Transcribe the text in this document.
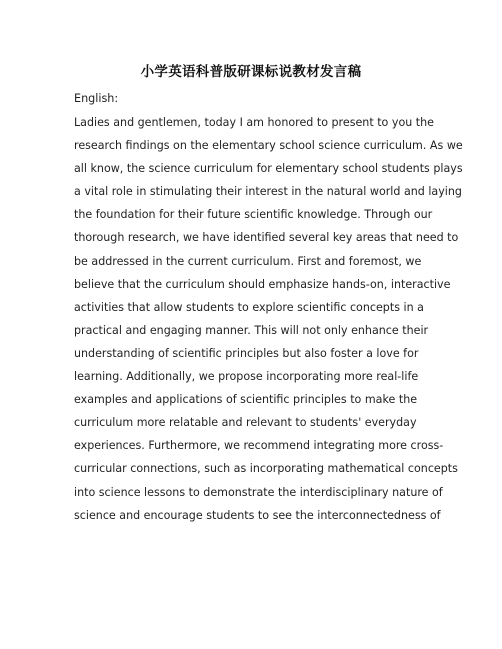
小学英语科普版研课标说教材发言稿
English:
Ladies and gentlemen, today I am honored to present to you the
research findings on the elementary school science curriculum. As we
all know, the science curriculum for elementary school students plays
a vital role in stimulating their interest in the natural world and laying
the foundation for their future scientific knowledge. Through our
thorough research, we have identified several key areas that need to
be addressed in the current curriculum. First and foremost, we
believe that the curriculum should emphasize hands-on, interactive
activities that allow students to explore scientific concepts in a
practical and engaging manner. This will not only enhance their
understanding of scientific principles but also foster a love for
learning. Additionally, we propose incorporating more real-life
examples and applications of scientific principles to make the
curriculum more relatable and relevant to students' everyday
experiences. Furthermore, we recommend integrating more cross-
curricular connections, such as incorporating mathematical concepts
into science lessons to demonstrate the interdisciplinary nature of
science and encourage students to see the interconnectedness of
